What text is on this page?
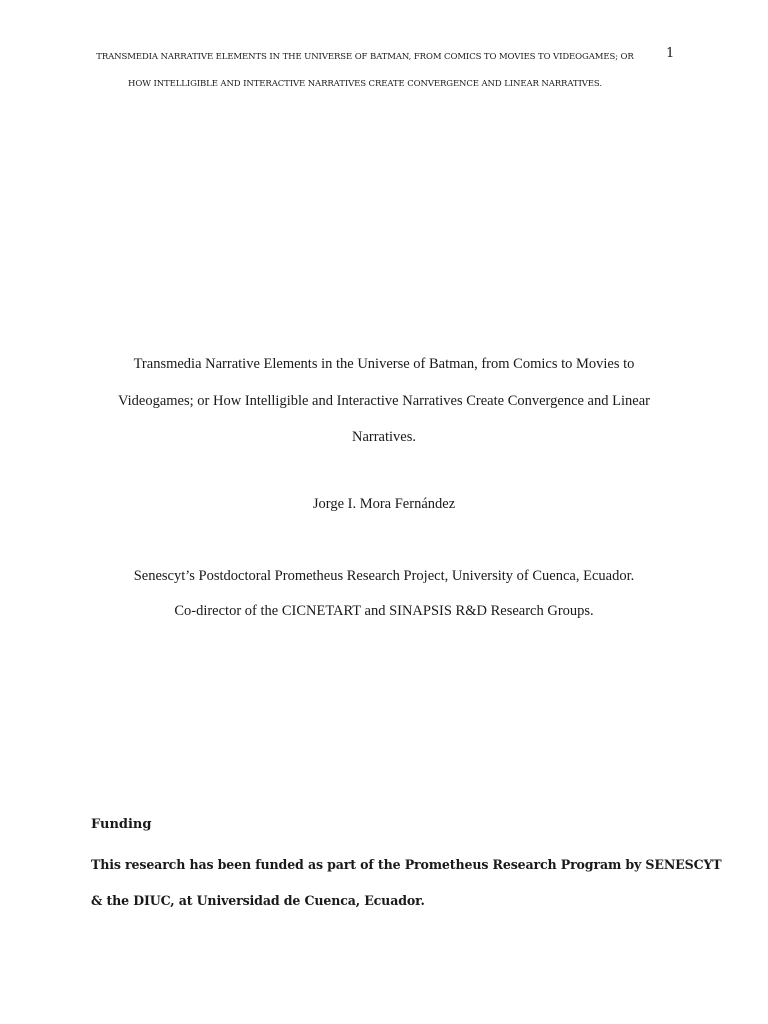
TRANSMEDIA NARRATIVE ELEMENTS IN THE UNIVERSE OF BATMAN, FROM COMICS TO MOVIES TO VIDEOGAMES; OR
HOW INTELLIGIBLE AND INTERACTIVE NARRATIVES CREATE CONVERGENCE AND LINEAR NARRATIVES.
1
Transmedia Narrative Elements in the Universe of Batman, from Comics to Movies to
Videogames; or How Intelligible and Interactive Narratives Create Convergence and Linear
Narratives.
Jorge I. Mora Fernández
Senescyt’s Postdoctoral Prometheus Research Project, University of Cuenca, Ecuador.
Co-director of the CICNETART and SINAPSIS R&D Research Groups.
Funding
This research has been funded as part of the Prometheus Research Program by SENESCYT
& the DIUC, at Universidad de Cuenca, Ecuador.
